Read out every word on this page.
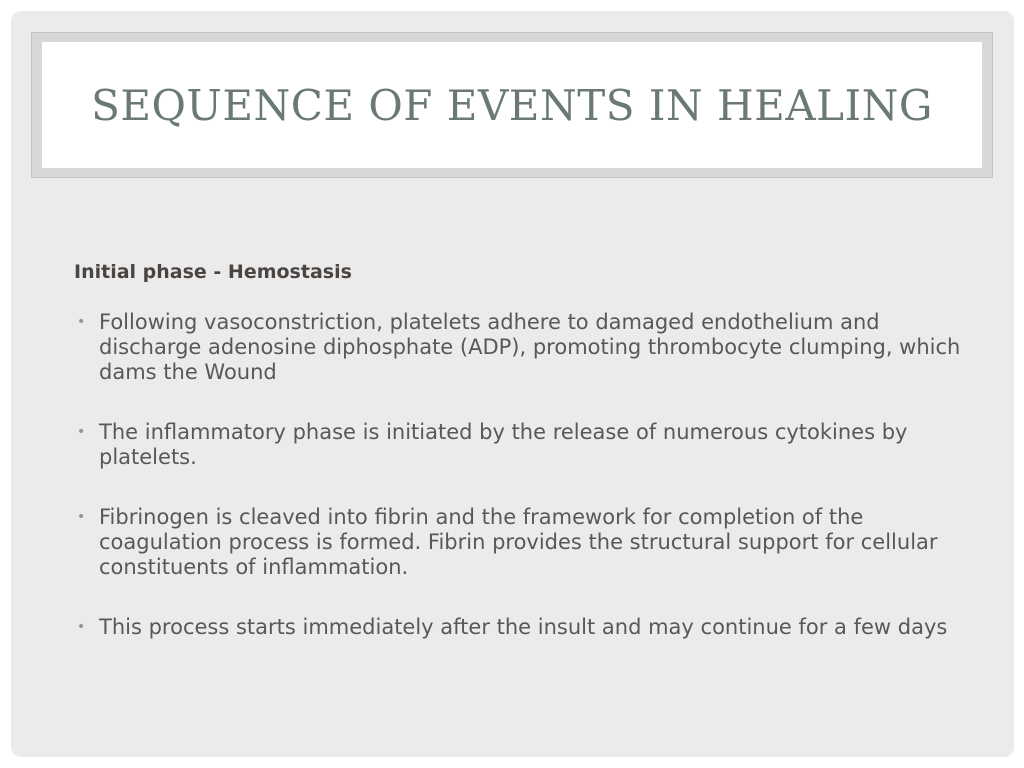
SEQUENCE OF EVENTS IN HEALING

Initial phase - Hemostasis

• Following vasoconstriction, platelets adhere to damaged endothelium and discharge adenosine diphosphate (ADP), promoting thrombocyte clumping, which dams the Wound
• The inflammatory phase is initiated by the release of numerous cytokines by platelets.
• Fibrinogen is cleaved into fibrin and the framework for completion of the coagulation process is formed. Fibrin provides the structural support for cellular constituents of inflammation.
• This process starts immediately after the insult and may continue for a few days
